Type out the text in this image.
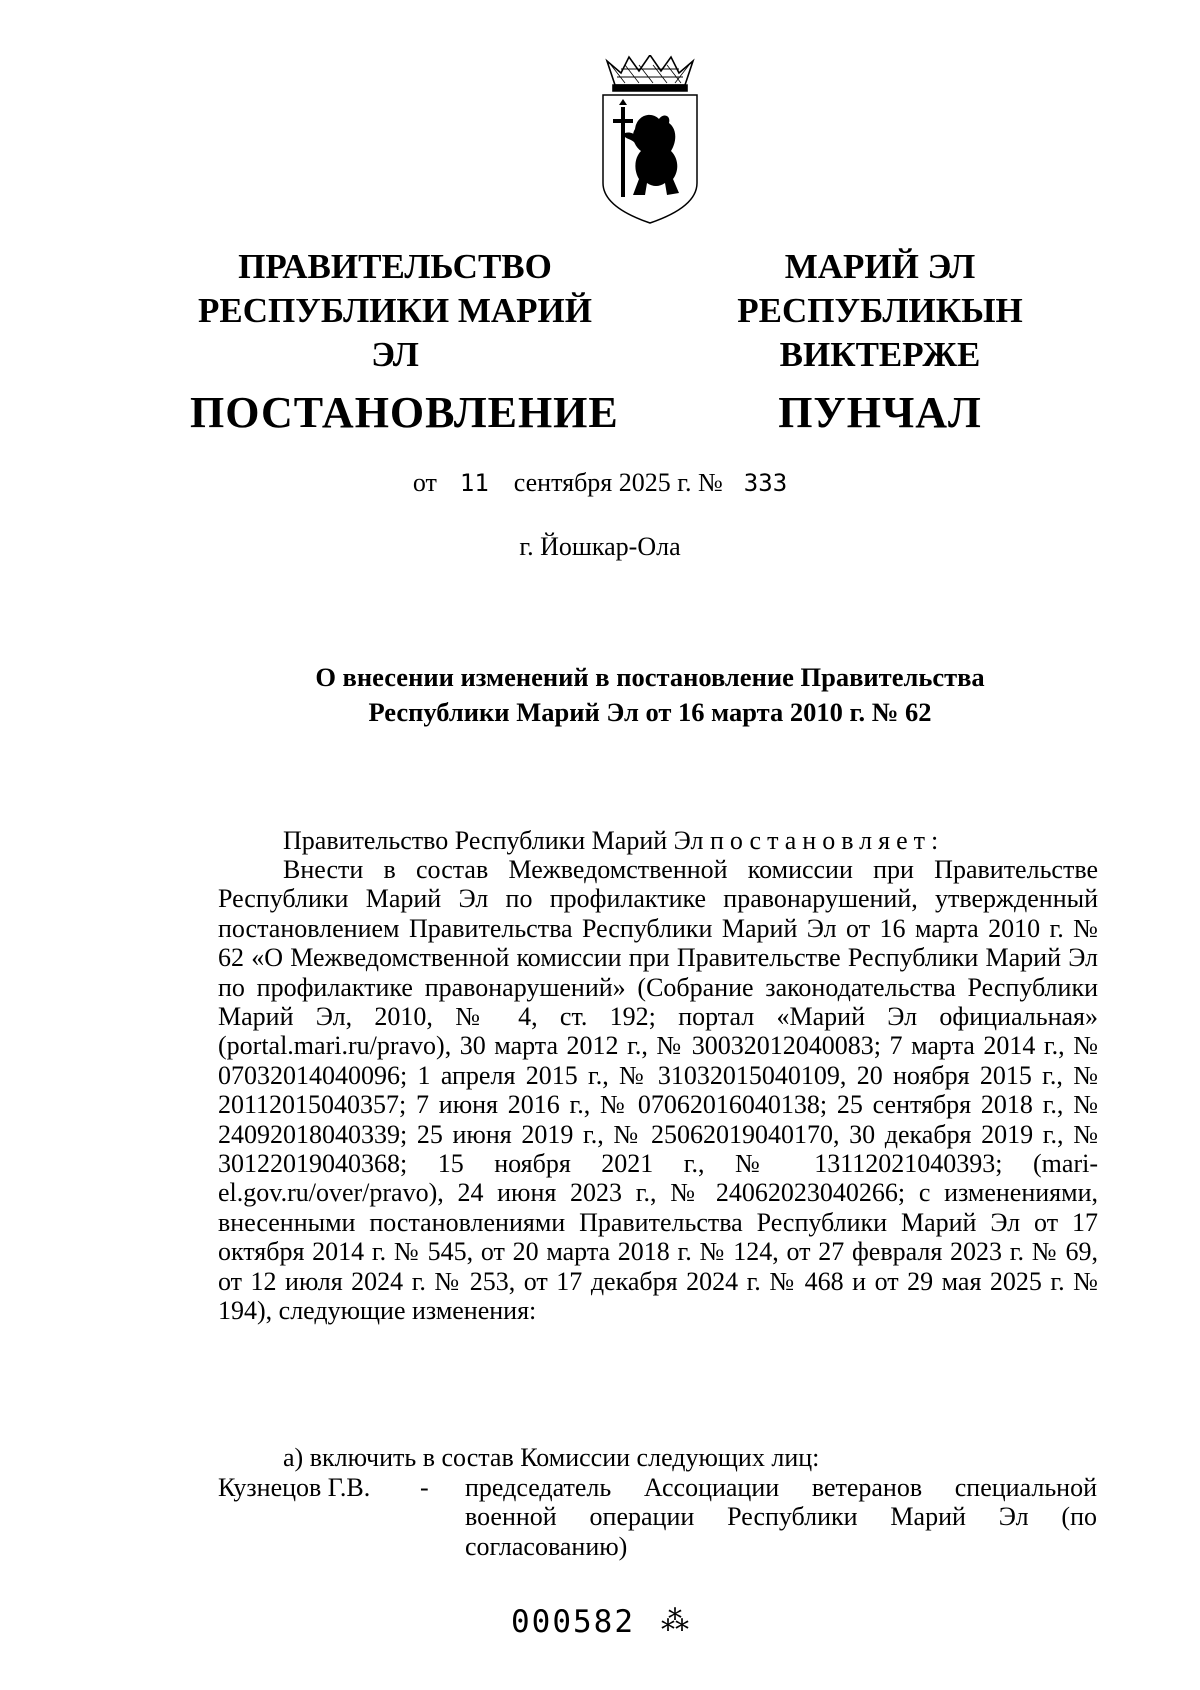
ПРАВИТЕЛЬСТВО
РЕСПУБЛИКИ МАРИЙ ЭЛ
ПОСТАНОВЛЕНИЕ
МАРИЙ ЭЛ РЕСПУБЛИКЫН
ВИКТЕРЖЕ
ПУНЧАЛ
от 11 сентября 2025 г. № 333
г. Йошкар-Ола
О внесении изменений в постановление Правительства
Республики Марий Эл от 16 марта 2010 г. № 62
Правительство Республики Марий Эл постановляет:
Внести в состав Межведомственной комиссии при Правительстве Республики Марий Эл по профилактике правонарушений, утвержденный постановлением Правительства Республики Марий Эл от 16 марта 2010 г. № 62 «О Межведомственной комиссии при Правительстве Республики Марий Эл по профилактике правонарушений» (Собрание законодательства Республики Марий Эл, 2010, № 4, ст. 192; портал «Марий Эл официальная» (portal.mari.ru/pravo), 30 марта 2012 г., № 30032012040083; 7 марта 2014 г., № 07032014040096; 1 апреля 2015 г., № 31032015040109, 20 ноября 2015 г., № 20112015040357; 7 июня 2016 г., № 07062016040138; 25 сентября 2018 г., № 24092018040339; 25 июня 2019 г., № 25062019040170, 30 декабря 2019 г., № 30122019040368; 15 ноября 2021 г., № 13112021040393; (mari-el.gov.ru/over/pravo), 24 июня 2023 г., № 24062023040266; с изменениями, внесенными постановлениями Правительства Республики Марий Эл от 17 октября 2014 г. № 545, от 20 марта 2018 г. № 124, от 27 февраля 2023 г. № 69, от 12 июля 2024 г. № 253, от 17 декабря 2024 г. № 468 и от 29 мая 2025 г. № 194), следующие изменения:
а) включить в состав Комиссии следующих лиц:
Кузнецов Г.В.	-	председатель Ассоциации ветеранов специальной военной операции Республики Марий Эл (по согласованию)
000582 ⁂
